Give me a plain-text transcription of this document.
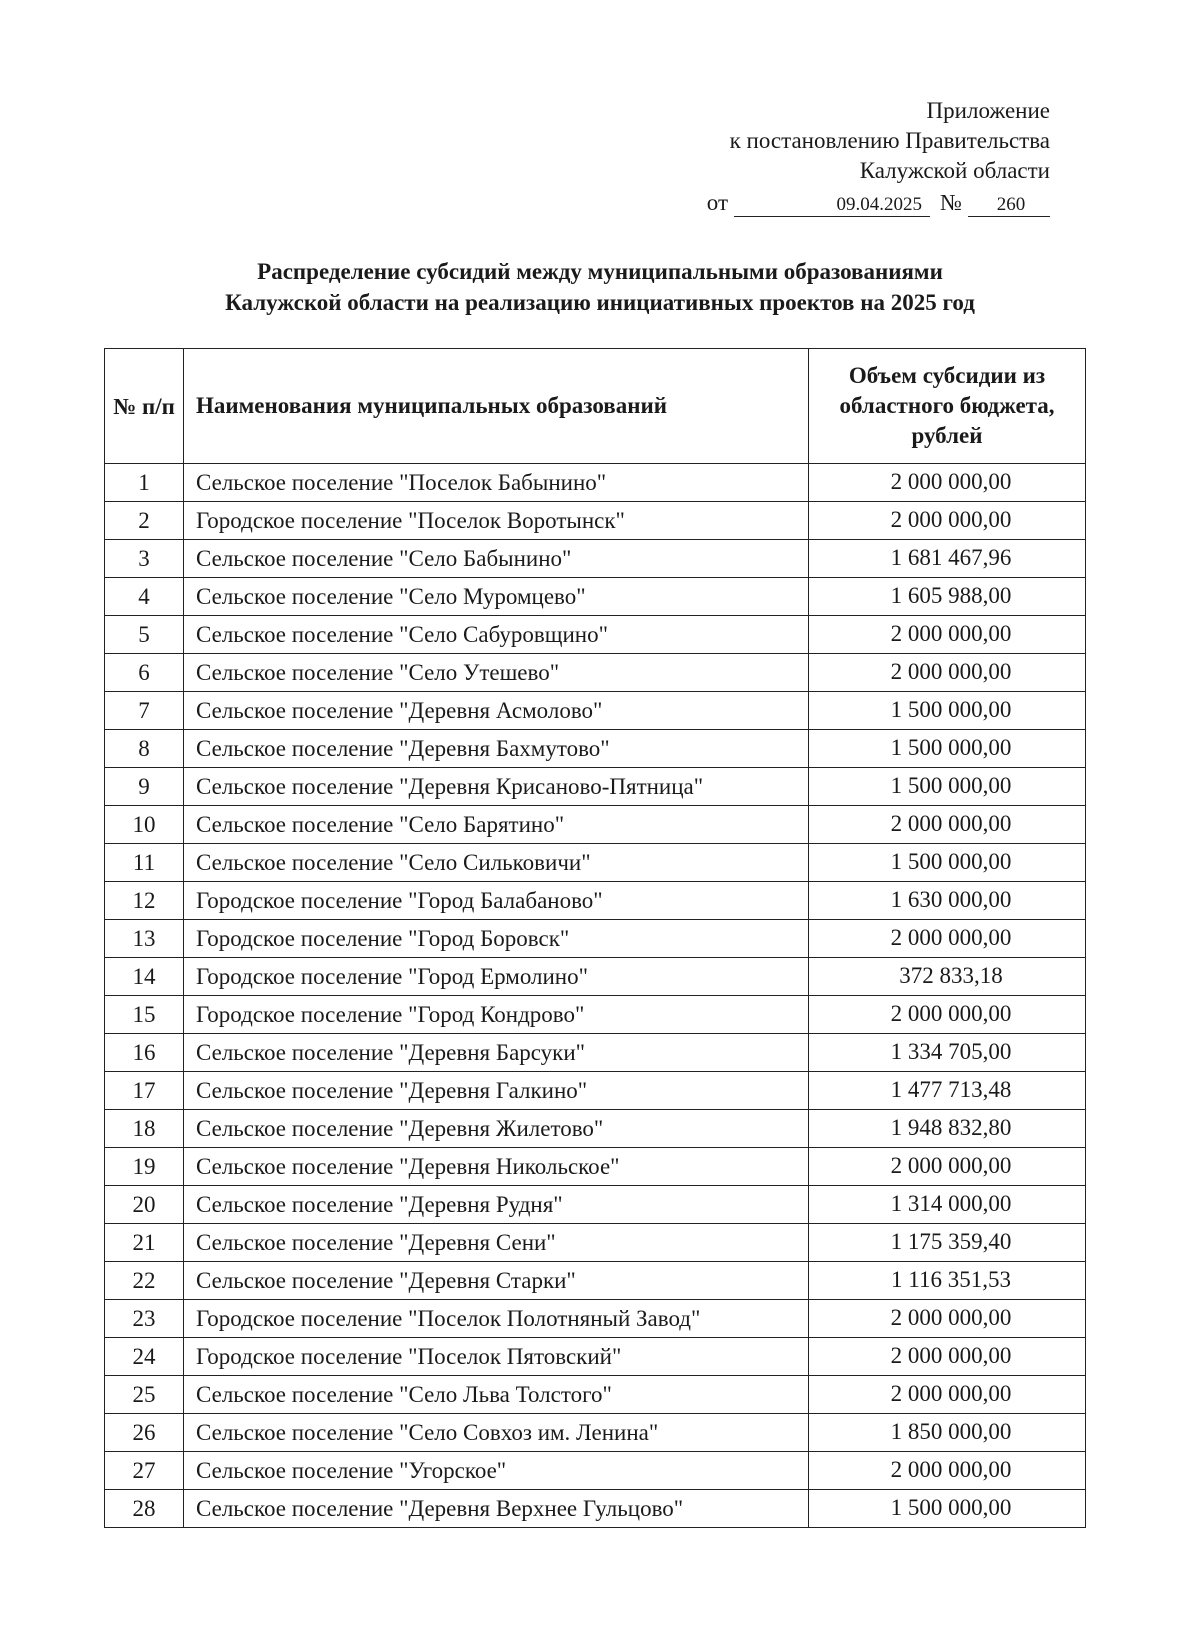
Приложение
к постановлению Правительства
Калужской области
от	09.04.2025 №	260
Распределение субсидий между муниципальными образованиями
Калужской области на реализацию инициативных проектов на 2025 год
№ п/п	Наименования муниципальных образований	Объем субсидии из областного бюджета, рублей
1	Сельское поселение "Поселок Бабынино"	2 000 000,00
2	Городское поселение "Поселок Воротынск"	2 000 000,00
3	Сельское поселение "Село Бабынино"	1 681 467,96
4	Сельское поселение "Село Муромцево"	1 605 988,00
5	Сельское поселение "Село Сабуровщино"	2 000 000,00
6	Сельское поселение "Село Утешево"	2 000 000,00
7	Сельское поселение "Деревня Асмолово"	1 500 000,00
8	Сельское поселение "Деревня Бахмутово"	1 500 000,00
9	Сельское поселение "Деревня Крисаново-Пятница"	1 500 000,00
10	Сельское поселение "Село Барятино"	2 000 000,00
11	Сельское поселение "Село Сильковичи"	1 500 000,00
12	Городское поселение "Город Балабаново"	1 630 000,00
13	Городское поселение "Город Боровск"	2 000 000,00
14	Городское поселение "Город Ермолино"	372 833,18
15	Городское поселение "Город Кондрово"	2 000 000,00
16	Сельское поселение "Деревня Барсуки"	1 334 705,00
17	Сельское поселение "Деревня Галкино"	1 477 713,48
18	Сельское поселение "Деревня Жилетово"	1 948 832,80
19	Сельское поселение "Деревня Никольское"	2 000 000,00
20	Сельское поселение "Деревня Рудня"	1 314 000,00
21	Сельское поселение "Деревня Сени"	1 175 359,40
22	Сельское поселение "Деревня Старки"	1 116 351,53
23	Городское поселение "Поселок Полотняный Завод"	2 000 000,00
24	Городское поселение "Поселок Пятовский"	2 000 000,00
25	Сельское поселение "Село Льва Толстого"	2 000 000,00
26	Сельское поселение "Село Совхоз им. Ленина"	1 850 000,00
27	Сельское поселение "Угорское"	2 000 000,00
28	Сельское поселение "Деревня Верхнее Гульцово"	1 500 000,00
